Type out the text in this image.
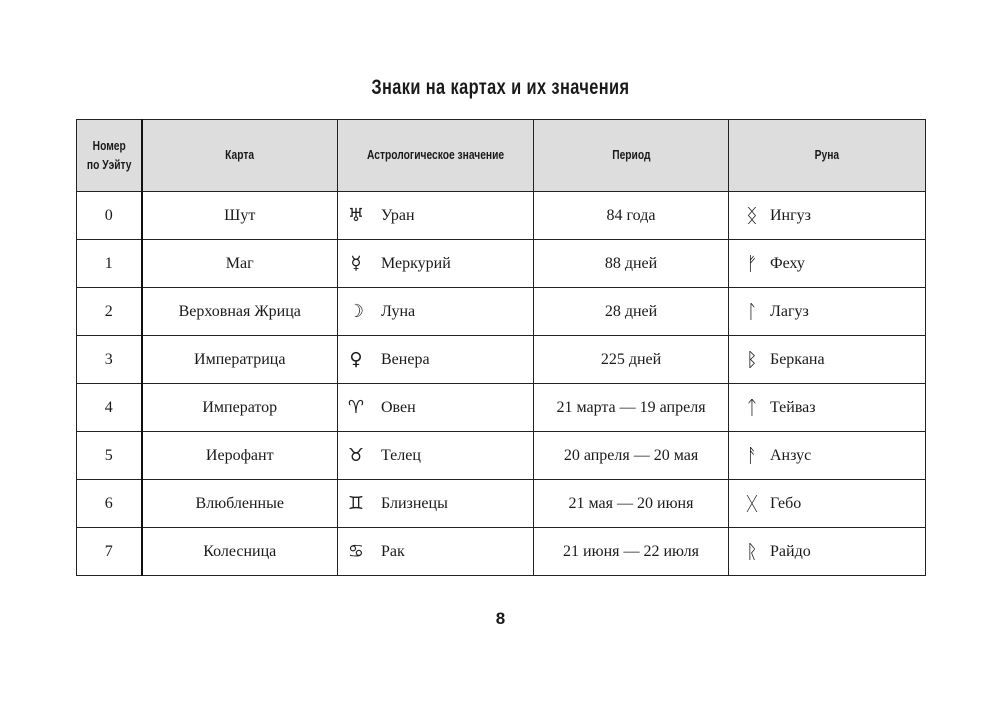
Знаки на картах и их значения
Номер
по Уэйту	Карта	Астрологическое значение	Период	Руна
0	Шут	♅ Уран	84 года	ᛝ Ингуз

1	Маг	☿ Меркурий	88 дней	ᚠ Феху

2	Верховная Жрица	☽ Луна	28 дней	ᛚ Лагуз

3	Императрица	♀ Венера	225 дней	ᛒ Беркана

4	Император	♈ Овен	21 марта — 19 апреля	ᛏ Тейваз

5	Иерофант	♉ Телец	20 апреля — 20 мая	ᚨ Анзус

6	Влюбленные	♊ Близнецы	21 мая — 20 июня	ᚷ Гебо

7	Колесница	♋ Рак	21 июня — 22 июля	ᚱ Райдо
8
